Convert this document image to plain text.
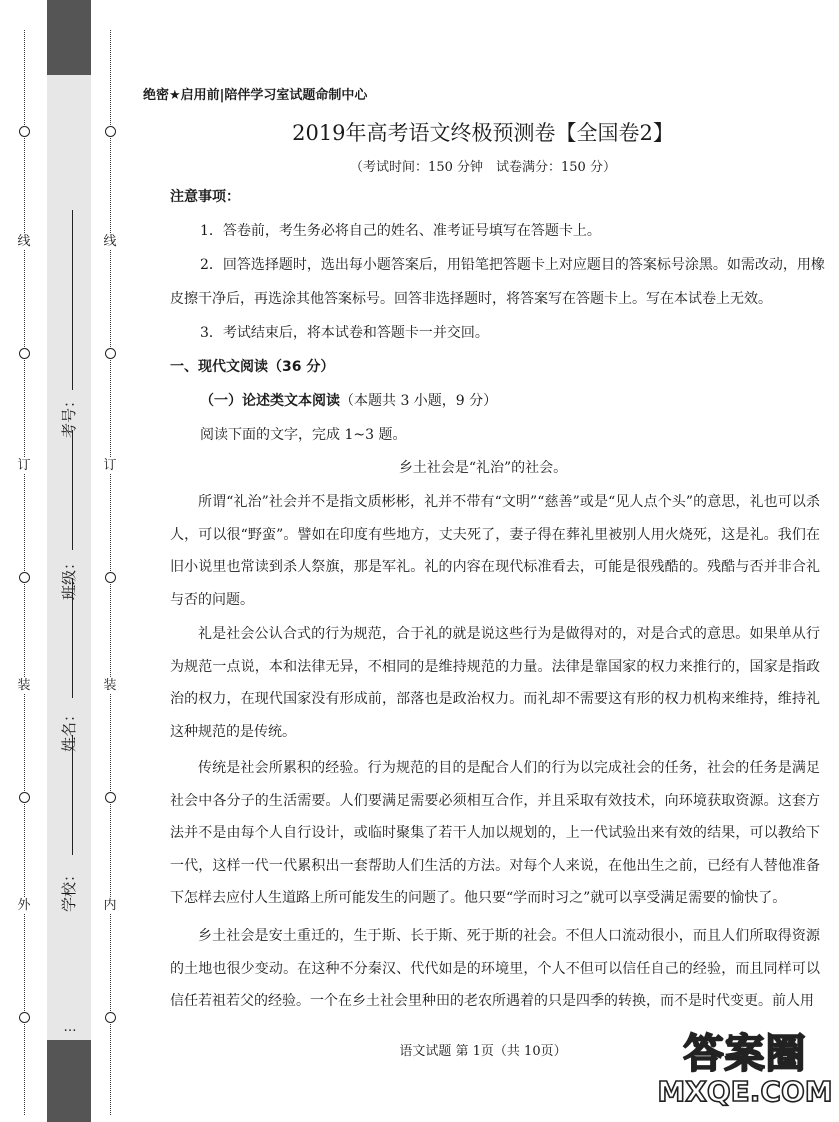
线
订
装
外
线
订
装
内
学校：
姓名：
班级：
考号：
…
绝密★启用前|陪伴学习室试题命制中心
2019年高考语文终极预测卷【全国卷2】
（考试时间：150 分钟　试卷满分：150 分）
注意事项：
1．答卷前，考生务必将自己的姓名、准考证号填写在答题卡上。
2．回答选择题时，选出每小题答案后，用铅笔把答题卡上对应题目的答案标号涂黑。如需改动，用橡
皮擦干净后，再选涂其他答案标号。回答非选择题时，将答案写在答题卡上。写在本试卷上无效。
3．考试结束后，将本试卷和答题卡一并交回。
一、现代文阅读（36 分）
（一）论述类文本阅读（本题共 3 小题，9 分）
阅读下面的文字，完成 1~3 题。
乡土社会是“礼治”的社会。
所谓“礼治”社会并不是指文质彬彬，礼并不带有“文明”“慈善”或是“见人点个头”的意思，礼也可以杀人，可以很“野蛮”。譬如在印度有些地方，丈夫死了，妻子得在葬礼里被别人用火烧死，这是礼。我们在旧小说里也常读到杀人祭旗，那是军礼。礼的内容在现代标准看去，可能是很残酷的。残酷与否并非合礼与否的问题。
礼是社会公认合式的行为规范，合于礼的就是说这些行为是做得对的，对是合式的意思。如果单从行为规范一点说，本和法律无异，不相同的是维持规范的力量。法律是靠国家的权力来推行的，国家是指政治的权力，在现代国家没有形成前，部落也是政治权力。而礼却不需要这有形的权力机构来维持，维持礼这种规范的是传统。
传统是社会所累积的经验。行为规范的目的是配合人们的行为以完成社会的任务，社会的任务是满足社会中各分子的生活需要。人们要满足需要必须相互合作，并且采取有效技术，向环境获取资源。这套方法并不是由每个人自行设计，或临时聚集了若干人加以规划的，上一代试验出来有效的结果，可以教给下一代，这样一代一代累积出一套帮助人们生活的方法。对每个人来说，在他出生之前，已经有人替他准备下怎样去应付人生道路上所可能发生的问题了。他只要“学而时习之”就可以享受满足需要的愉快了。
乡土社会是安土重迁的，生于斯、长于斯、死于斯的社会。不但人口流动很小，而且人们所取得资源的土地也很少变动。在这种不分秦汉、代代如是的环境里，个人不但可以信任自己的经验，而且同样可以信任若祖若父的经验。一个在乡土社会里种田的老农所遇着的只是四季的转换，而不是时代变更。前人用
语文试题 第 1页（共 10页）	答案圈
MXQE.COM
